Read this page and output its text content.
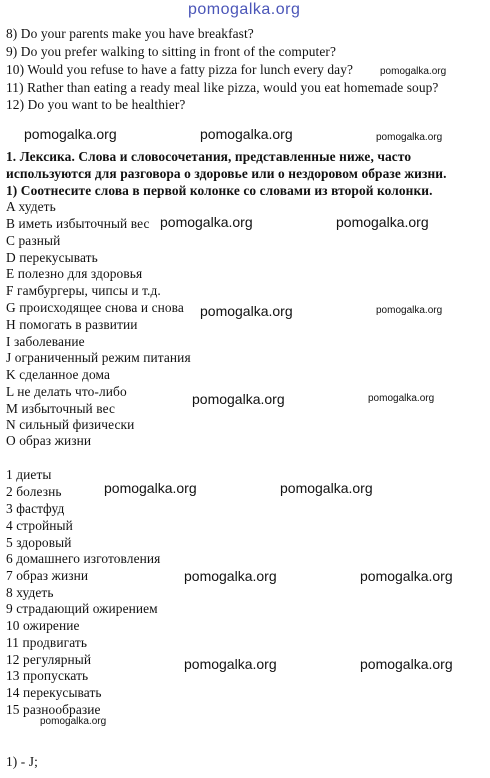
pomogalka.org
8) Do your parents make you have breakfast?
9) Do you prefer walking to sitting in front of the computer?
10) Would you refuse to have a fatty pizza for lunch every day?
11) Rather than eating a ready meal like pizza, would you eat homemade soup?
12) Do you want to be healthier?
pomogalka.org	pomogalka.org	pomogalka.org
pomogalka.org
1. Лексика. Слова и словосочетания, представленные ниже, часто
используются для разговора о здоровье или о нездоровом образе жизни.
1) Соотнесите слова в первой колонке со словами из второй колонки.
A худеть
B иметь избыточный вес
C разный
D перекусывать
E полезно для здоровья
F гамбургеры, чипсы и т.д.
G происходящее снова и снова
H помогать в развитии
I заболевание
J ограниченный режим питания
K сделанное дома
L не делать что-либо
M избыточный вес
N сильный физически
O образ жизни
pomogalka.org	pomogalka.org
pomogalka.org	pomogalka.org
pomogalka.org	pomogalka.org
1 диеты
2 болезнь
3 фастфуд
4 стройный
5 здоровый
6 домашнего изготовления
7 образ жизни
8 худеть
9 страдающий ожирением
10 ожирение
11 продвигать
12 регулярный
13 пропускать
14 перекусывать
15 разнообразие
pomogalka.org	pomogalka.org
pomogalka.org	pomogalka.org
pomogalka.org	pomogalka.org
pomogalka.org
1) - J;
